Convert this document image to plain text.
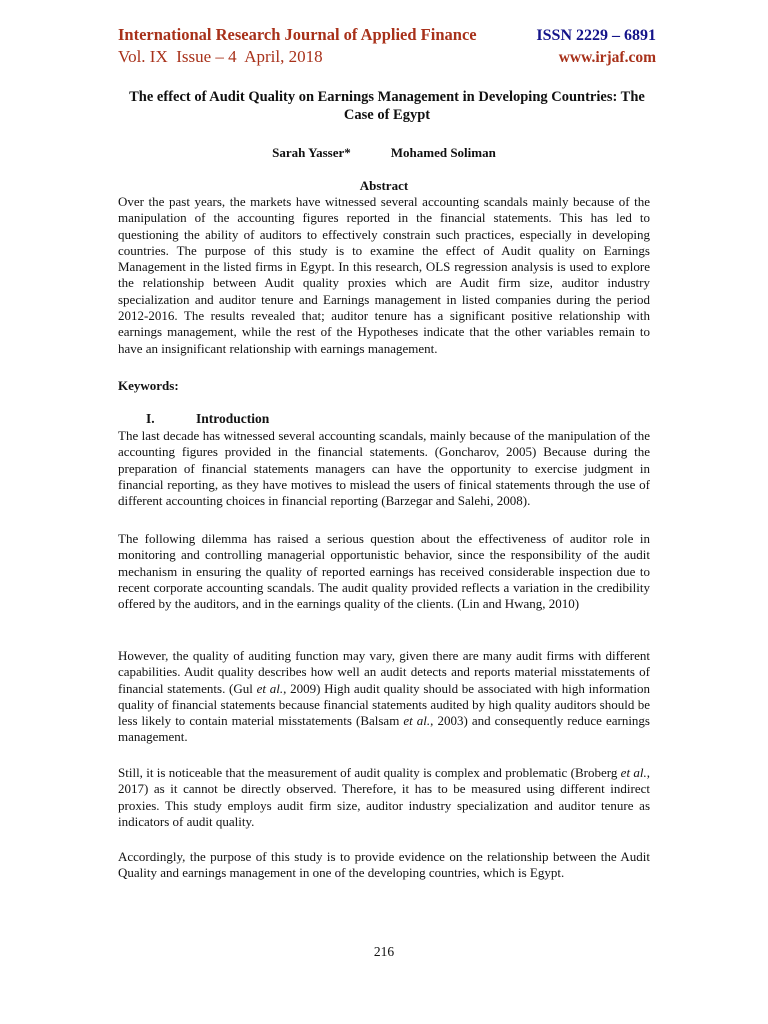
International Research Journal of Applied Finance	ISSN 2229 – 6891
Vol. IX  Issue – 4  April, 2018	www.irjaf.com
The effect of Audit Quality on Earnings Management in Developing Countries: The Case of Egypt
Sarah Yasser*	Mohamed Soliman
Abstract

Over the past years, the markets have witnessed several accounting scandals mainly because of the manipulation of the accounting figures reported in the financial statements. This has led to questioning the ability of auditors to effectively constrain such practices, especially in developing countries. The purpose of this study is to examine the effect of Audit quality on Earnings Management in the listed firms in Egypt. In this research, OLS regression analysis is used to explore the relationship between Audit quality proxies which are Audit firm size, auditor industry specialization and auditor tenure and Earnings management in listed companies during the period 2012-2016. The results revealed that; auditor tenure has a significant positive relationship with earnings management, while the rest of the Hypotheses indicate that the other variables remain to have an insignificant relationship with earnings management.

Keywords:
I.	Introduction

The last decade has witnessed several accounting scandals, mainly because of the manipulation of the accounting figures provided in the financial statements. (Goncharov, 2005) Because during the preparation of financial statements managers can have the opportunity to exercise judgment in financial reporting, as they have motives to mislead the users of finical statements through the use of different accounting choices in financial reporting (Barzegar and Salehi, 2008).

The following dilemma has raised a serious question about the effectiveness of auditor role in monitoring and controlling managerial opportunistic behavior, since the responsibility of the audit mechanism in ensuring the quality of reported earnings has received considerable inspection due to recent corporate accounting scandals. The audit quality provided reflects a variation in the credibility offered by the auditors, and in the earnings quality of the clients. (Lin and Hwang, 2010)

However, the quality of auditing function may vary, given there are many audit firms with different capabilities. Audit quality describes how well an audit detects and reports material misstatements of financial statements. (Gul et al., 2009) High audit quality should be associated with high information quality of financial statements because financial statements audited by high quality auditors should be less likely to contain material misstatements (Balsam et al., 2003) and consequently reduce earnings management.

Still, it is noticeable that the measurement of audit quality is complex and problematic (Broberg et al., 2017) as it cannot be directly observed. Therefore, it has to be measured using different indirect proxies. This study employs audit firm size, auditor industry specialization and auditor tenure as indicators of audit quality.

Accordingly, the purpose of this study is to provide evidence on the relationship between the Audit Quality and earnings management in one of the developing countries, which is Egypt.

216
